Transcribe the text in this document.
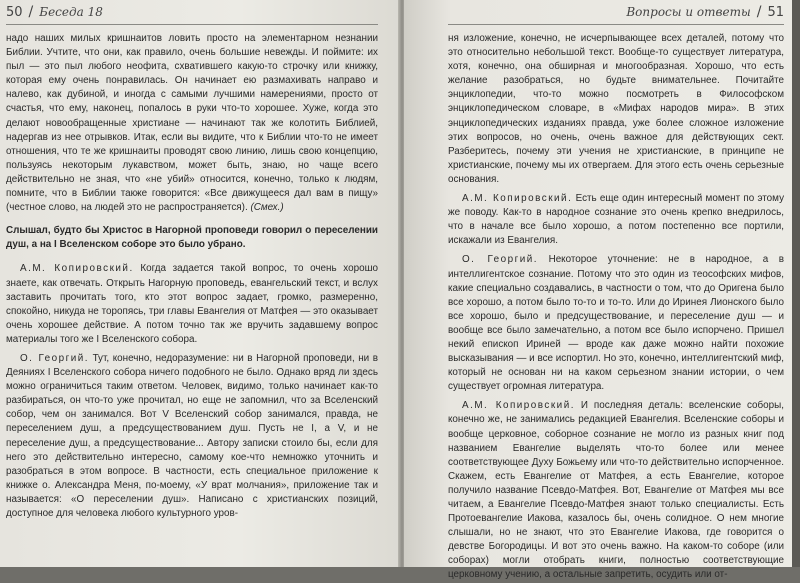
50 / Беседа 18

надо наших милых кришнаитов ловить просто на элементарном незнании Библии. Учтите, что они, как правило, очень большие невежды. И поймите: их пыл — это пыл любого неофита, схватившего какую-то строчку или книжку, которая ему очень понравилась. Он начинает ею размахивать направо и налево, как дубиной, и иногда с самыми лучшими намерениями, просто от счастья, что ему, наконец, попалось в руки что-то хорошее. Хуже, когда это делают новообращенные христиане — начинают так же колотить Библией, надергав из нее отрывков. Итак, если вы видите, что к Библии что-то не имеет отношения, что те же кришнаиты проводят свою линию, лишь свою концепцию, пользуясь некоторым лукавством, может быть, знаю, но чаще всего действительно не зная, что «не убий» относится, конечно, только к людям, помните, что в Библии также говорится: «Все движущееся дал вам в пищу» (честное слово, на людей это не распространяется). (Смех.)

Слышал, будто бы Христос в Нагорной проповеди говорил о переселении душ, а на I Вселенском соборе это было убрано.

А.М. Копировский. Когда задается такой вопрос, то очень хорошо знаете, как отвечать. Открыть Нагорную проповедь, евангельский текст, и вслух заставить прочитать того, кто этот вопрос задает, громко, размеренно, спокойно, никуда не торопясь, три главы Евангелия от Матфея — это оказывает очень хорошее действие. А потом точно так же вручить задавшему вопрос материалы того же I Вселенского собора.

О. Георгий. Тут, конечно, недоразумение: ни в Нагорной проповеди, ни в Деяниях I Вселенского собора ничего подобного не было. Однако вряд ли здесь можно ограничиться таким ответом. Человек, видимо, только начинает как-то разбираться, он что-то уже прочитал, но еще не запомнил, что за Вселенский собор, чем он занимался. Вот V Вселенский собор занимался, правда, не переселением душ, а предсуществованием душ. Пусть не I, а V, и не переселение душ, а предсуществование... Автору записки стоило бы, если для него это действительно интересно, самому кое-что немножко уточнить и разобраться в этом вопросе. В частности, есть специальное приложение к книжке о. Александра Меня, по-моему, «У врат молчания», приложение так и называется: «О переселении душ». Написано с христианских позиций, доступное для человека любого культурного уров-

Вопросы и ответы / 51

ня изложение, конечно, не исчерпывающее всех деталей, потому что это относительно небольшой текст. Вообще-то существует литература, хотя, конечно, она обширная и многообразная. Хорошо, что есть желание разобраться, но будьте внимательнее. Почитайте энциклопедии, что-то можно посмотреть в Философском энциклопедическом словаре, в «Мифах народов мира». В этих энциклопедических изданиях правда, уже более сложное изложение этих вопросов, но очень, очень важное для действующих сект. Разберитесь, почему эти учения не христианские, в принципе не христианские, почему мы их отвергаем. Для этого есть очень серьезные основания.

А.М. Копировский. Есть еще один интересный момент по этому же поводу. Как-то в народное сознание это очень крепко внедрилось, что в начале все было хорошо, а потом постепенно все портили, искажали из Евангелия.

О. Георгий. Некоторое уточнение: не в народное, а в интеллигентское сознание. Потому что это один из теософских мифов, какие специально создавались, в частности о том, что до Оригена было все хорошо, а потом было то-то и то-то. Или до Иринея Лионского было все хорошо, было и предсуществование, и переселение душ — и вообще все было замечательно, а потом все было испорчено. Пришел некий епископ Ириней — вроде как даже можно найти похожие высказывания — и все испортил. Но это, конечно, интеллигентский миф, который не основан ни на каком серьезном знании истории, о чем существует огромная литература.

А.М. Копировский. И последняя деталь: вселенские соборы, конечно же, не занимались редакцией Евангелия. Вселенские соборы и вообще церковное, соборное сознание не могло из разных книг под названием Евангелие выделять что-то более или менее соответствующее Духу Божьему или что-то действительно испорченное. Скажем, есть Евангелие от Матфея, а есть Евангелие, которое получило название Псевдо-Матфея. Вот, Евангелие от Матфея мы все читаем, а Евангелие Псевдо-Матфея знают только специалисты. Есть Протоевангелие Иакова, казалось бы, очень солидное. О нем многие слышали, но не знают, что это Евангелие Иакова, где говорится о девстве Богородицы. И вот это очень важно. На каком-то соборе (или соборах) могли отобрать книги, полностью соответствующие церковному учению, а остальные запретить, осудить или от-
